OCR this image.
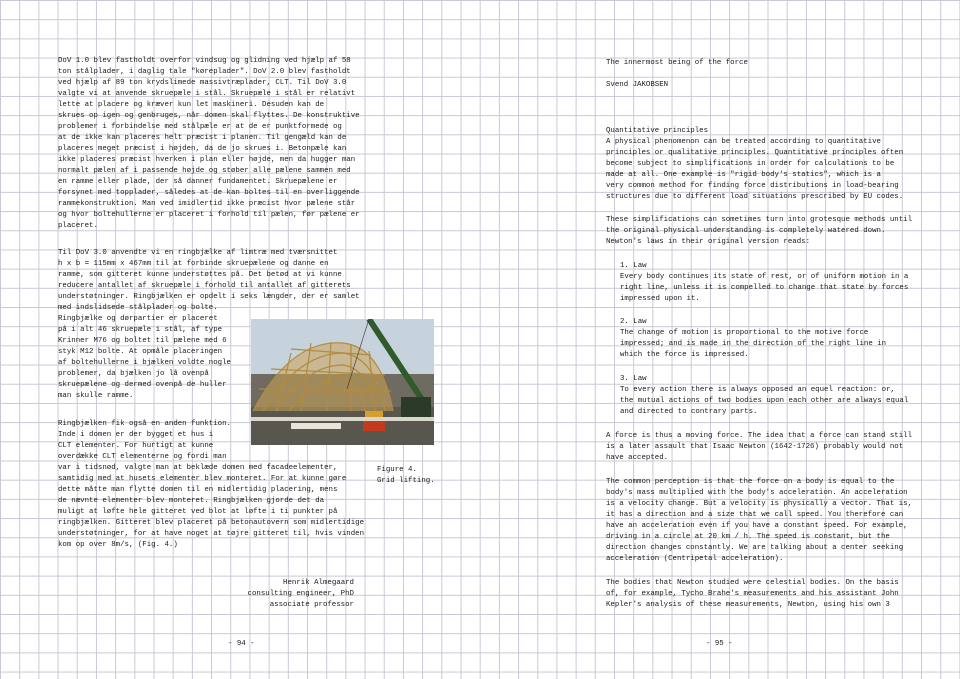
DoV 1.0 blev fastholdt overfor vindsug og glidning ved hjælp af 58
ton stålplader, i daglig tale "køreplader". DoV 2.0 blev fastholdt
ved hjælp af 89 ton krydslimede massivtræplader, CLT. Til DoV 3.0
valgte vi at anvende skruepæle i stål. Skruepæle i stål er relativt
lette at placere og kræver kun let maskineri. Desuden kan de
skrues op igen og genbruges, når domen skal flyttes. De konstruktive
problemer i forbindelse med stålpæle er at de er punktformede og
at de ikke kan placeres helt præcist i planen. Til gengæld kan de
placeres meget præcist i højden, da de jo skrues i. Betonpæle kan
ikke placeres præcist hverken i plan eller højde, men da hugger man
normalt pælen af i passende højde og støber alle pælene sammen med
en ramme eller plade, der så danner fundamentet. Skruepælene er
forsynet med topplader, således at de kan boltes til en overliggende
rammekonstruktion. Man ved imidlertid ikke præcist hvor pælene står
og hvor boltehullerne er placeret i forhold til pælen, før pælene er
placeret.
Til DoV 3.0 anvendte vi en ringbjælke af limtræ med tværsnittet
h x b = 115mm x 467mm til at forbinde skruepælene og danne en
ramme, som gitteret kunne understøttes på. Det betød at vi kunne
reducere antallet af skruepæle i forhold til antallet af gitterets
understøtninger. Ringbjælken er opdelt i seks længder, der er samlet
med indslidsede stålplader og bolte.
Ringbjælke og dørpartier er placeret
på i alt 46 skruepæle i stål, af type
Krinner M76 og boltet til pælene med 6
styk M12 bolte. At opmåle placeringen
af boltehullerne i bjælken voldte nogle
problemer, da bjælken jo lå ovenpå
skruepælene og dermed ovenpå de huller
man skulle ramme.
Ringbjælken fik også en anden funktion.
Inde i domen er der bygget et hus i
CLT elementer. For hurtigt at kunne
overdække CLT elementerne og fordi man
var i tidsnød, valgte man at beklæde domen med facadeelementer,
samtidig med at husets elementer blev monteret. For at kunne gøre
dette måtte man flytte domen til en midlertidig placering, mens
de nævnte elementer blev monteret. Ringbjælken gjorde det da
muligt at løfte hele gitteret ved blot at løfte i ti punkter på
ringbjælken. Gitteret blev placeret på betonautovern som midlertidige
understøtninger, for at have noget at tøjre gitteret til, hvis vinden
kom op over 8m/s, (Fig. 4.)
Figure 4.
Grid lifting.
Henrik Almegaard
consulting engineer, PhD
associate professor
- 94 -
The innermost being of the force
Svend JAKOBSEN
Quantitative principles
A physical phenomenon can be treated according to quantitative
principles or qualitative principles. Quantitative principles often
become subject to simplifications in order for calculations to be
made at all. One example is "rigid body's statics", which is a
very common method for finding force distributions in load-bearing
structures due to different load situations prescribed by EU codes.
These simplifications can sometimes turn into grotesque methods until
the original physical understanding is completely watered down.
Newton's laws in their original version reads:
1. Law
Every body continues its state of rest, or of uniform motion in a
right line, unless it is compelled to change that state by forces
impressed upon it.
2. Law
The change of motion is proportional to the motive force
impressed; and is made in the direction of the right line in
which the force is impressed.
3. Law
To every action there is always opposed an equel reaction: or,
the mutual actions of two bodies upon each other are always equal
and directed to contrary parts.
A force is thus a moving force. The idea that a force can stand still
is a later assault that Isaac Newton (1642-1726) probably would not
have accepted.
The common perception is that the force on a body is equal to the
body's mass multiplied with the body's acceleration. An acceleration
is a velocity change. But a velocity is physically a vector. That is,
it has a direction and a size that we call speed. You therefore can
have an acceleration even if you have a constant speed. For example,
driving in a circle at 20 km / h. The speed is constant, but the
direction changes constantly. We are talking about a center seeking
acceleration (Centripetal acceleration).
The bodies that Newton studied were celestial bodies. On the basis
of, for example, Tycho Brahe's measurements and his assistant John
Kepler's analysis of these measurements, Newton, using his own 3
- 95 -
